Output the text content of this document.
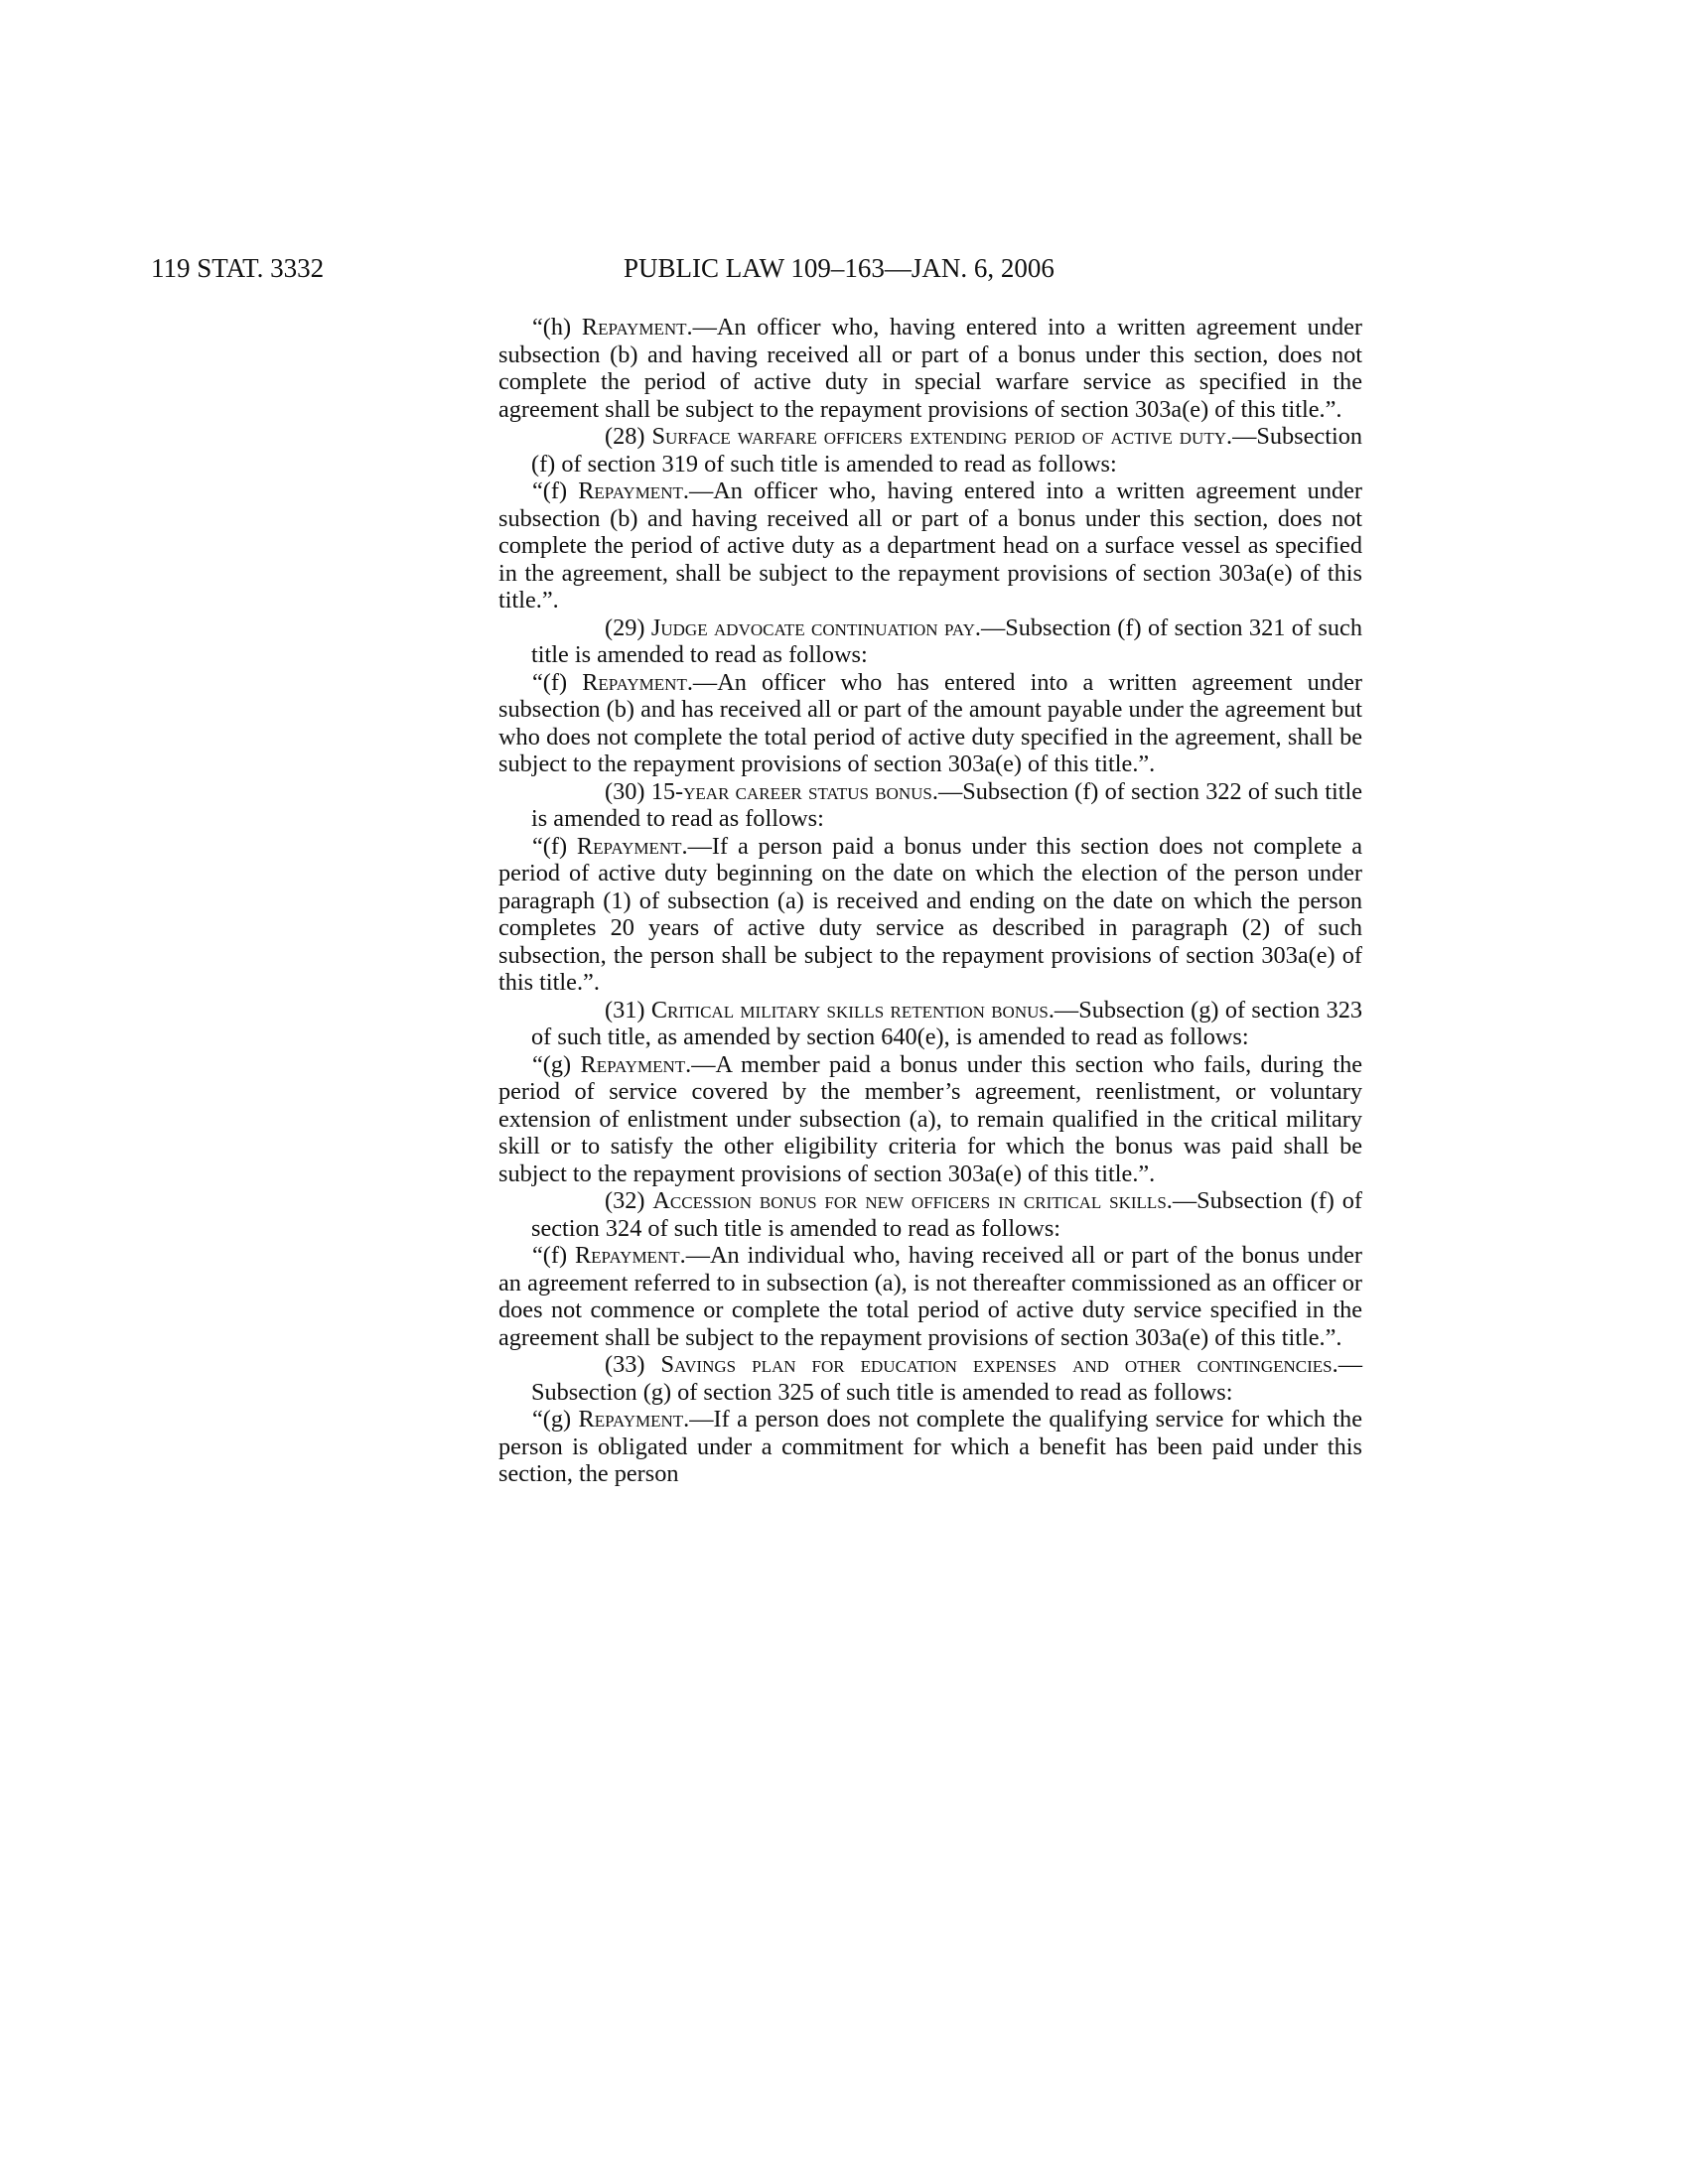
119 STAT. 3332	PUBLIC LAW 109–163—JAN. 6, 2006

“(h) Repayment.—An officer who, having entered into a written agreement under subsection (b) and having received all or part of a bonus under this section, does not complete the period of active duty in special warfare service as specified in the agreement shall be subject to the repayment provisions of section 303a(e) of this title.”.

(28) Surface warfare officers extending period of active duty.—Subsection (f) of section 319 of such title is amended to read as follows:

“(f) Repayment.—An officer who, having entered into a written agreement under subsection (b) and having received all or part of a bonus under this section, does not complete the period of active duty as a department head on a surface vessel as specified in the agreement, shall be subject to the repayment provisions of section 303a(e) of this title.”.

(29) Judge advocate continuation pay.—Subsection (f) of section 321 of such title is amended to read as follows:

“(f) Repayment.—An officer who has entered into a written agreement under subsection (b) and has received all or part of the amount payable under the agreement but who does not complete the total period of active duty specified in the agreement, shall be subject to the repayment provisions of section 303a(e) of this title.”.

(30) 15-year career status bonus.—Subsection (f) of section 322 of such title is amended to read as follows:

“(f) Repayment.—If a person paid a bonus under this section does not complete a period of active duty beginning on the date on which the election of the person under paragraph (1) of subsection (a) is received and ending on the date on which the person completes 20 years of active duty service as described in paragraph (2) of such subsection, the person shall be subject to the repayment provisions of section 303a(e) of this title.”.

(31) Critical military skills retention bonus.—Subsection (g) of section 323 of such title, as amended by section 640(e), is amended to read as follows:

“(g) Repayment.—A member paid a bonus under this section who fails, during the period of service covered by the member’s agreement, reenlistment, or voluntary extension of enlistment under subsection (a), to remain qualified in the critical military skill or to satisfy the other eligibility criteria for which the bonus was paid shall be subject to the repayment provisions of section 303a(e) of this title.”.

(32) Accession bonus for new officers in critical skills.—Subsection (f) of section 324 of such title is amended to read as follows:

“(f) Repayment.—An individual who, having received all or part of the bonus under an agreement referred to in subsection (a), is not thereafter commissioned as an officer or does not commence or complete the total period of active duty service specified in the agreement shall be subject to the repayment provisions of section 303a(e) of this title.”.

(33) Savings plan for education expenses and other contingencies.—Subsection (g) of section 325 of such title is amended to read as follows:

“(g) Repayment.—If a person does not complete the qualifying service for which the person is obligated under a commitment for which a benefit has been paid under this section, the person
